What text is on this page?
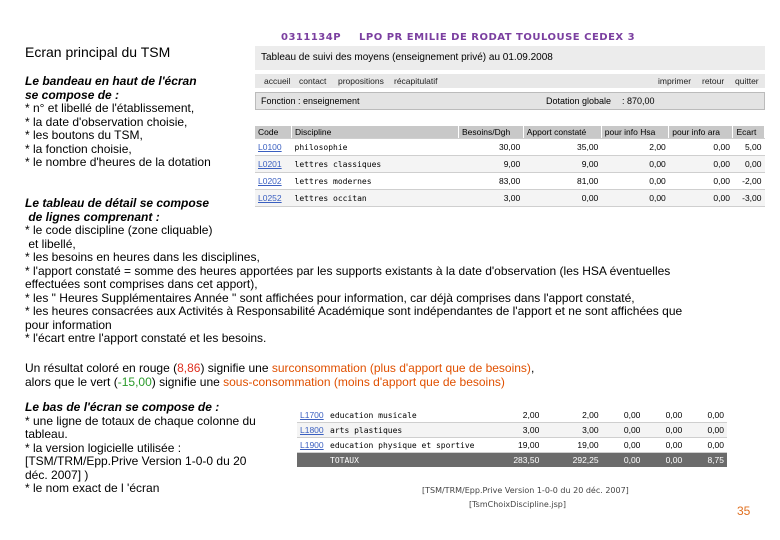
Ecran principal du TSM
Le bandeau en haut de l'écran
se compose de :
* n° et libellé de l'établissement,
* la date d'observation choisie,
* les boutons du TSM,
* la fonction choisie,
* le nombre d'heures de la dotation
Le tableau de détail se compose
de lignes comprenant :
* le code discipline (zone cliquable)
et libellé,
* les besoins en heures dans les disciplines,
* l'apport constaté = somme des heures apportées par les supports existants à la date d'observation (les HSA éventuelles
effectuées sont comprises dans cet apport),
* les " Heures Supplémentaires Année " sont affichées pour information, car déjà comprises dans l'apport constaté,
* les heures consacrées aux Activités à Responsabilité Académique sont indépendantes de l'apport et ne sont affichées que
pour information
* l'écart entre l'apport constaté et les besoins.
Un résultat coloré en rouge (8,86) signifie une surconsommation (plus d'apport que de besoins),
alors que le vert (-15,00) signifie une sous-consommation (moins d'apport que de besoins)
Le bas de l'écran se compose de :
* une ligne de totaux de chaque colonne du
tableau.
* la version logicielle utilisée :
[TSM/TRM/Epp.Prive Version 1-0-0 du 20
déc. 2007] )
* le nom exact de l 'écran
0311134P LPO PR EMILIE DE RODAT TOULOUSE CEDEX 3
Tableau de suivi des moyens (enseignement privé) au 01.09.2008
accueil	contact	propositions	récapitulatif	imprimer	retour	quitter
Fonction : enseignement	Dotation globale : 870,00
Code	Discipline	Besoins/Dgh	Apport constaté	pour info Hsa	pour info ara	Ecart
L0100	philosophie	30,00	35,00	2,00	0,00	5,00
L0201	lettres classiques	9,00	9,00	0,00	0,00	0,00
L0202	lettres modernes	83,00	81,00	0,00	0,00	-2,00
L0252	lettres occitan	3,00	0,00	0,00	0,00	-3,00
L1700	education musicale	2,00	2,00	0,00	0,00	0,00
L1800	arts plastiques	3,00	3,00	0,00	0,00	0,00
L1900	education physique et sportive	19,00	19,00	0,00	0,00	0,00
	TOTAUX	283,50	292,25	0,00	0,00	8,75
[TSM/TRM/Epp.Prive Version 1-0-0 du 20 déc. 2007]
[TsmChoixDiscipline.jsp]	35
